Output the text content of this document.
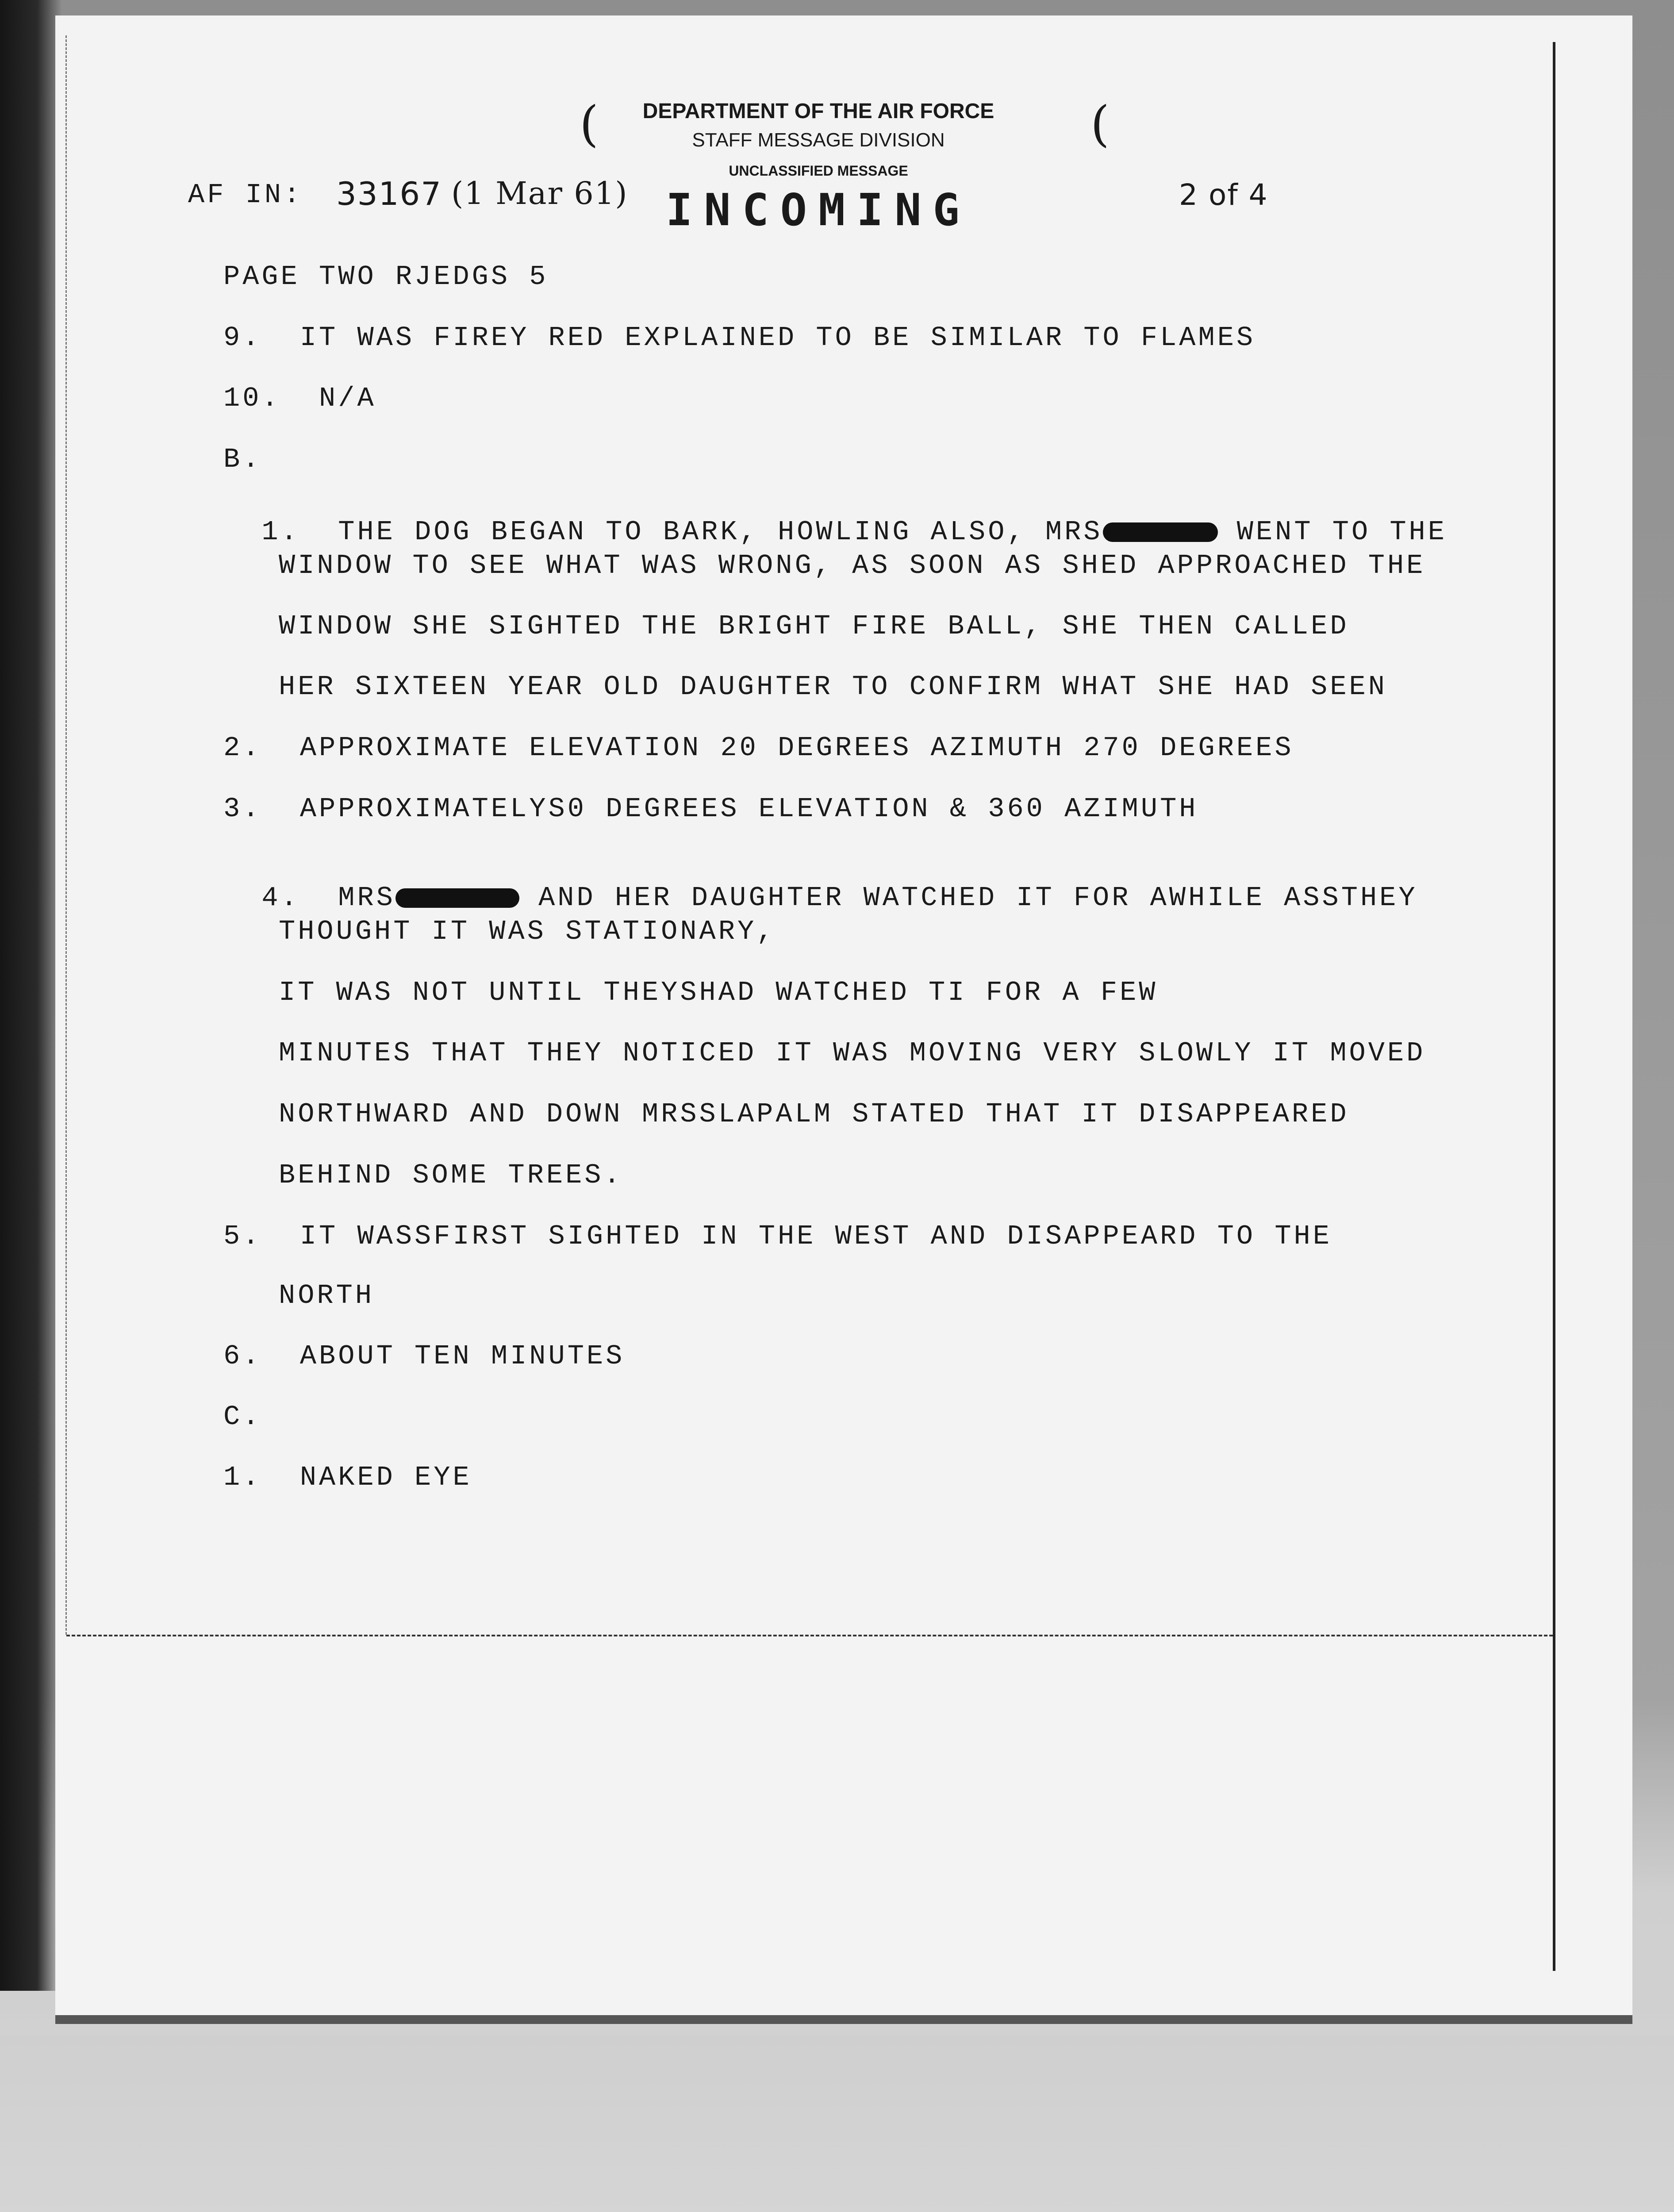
DEPARTMENT OF THE AIR FORCE
STAFF MESSAGE DIVISION
UNCLASSIFIED MESSAGE
INCOMING
(	(
AF IN: 33167 (1 Mar 61)	2 of 4
PAGE TWO RJEDGS 5
9.  IT WAS FIREY RED EXPLAINED TO BE SIMILAR TO FLAMES
10.  N/A
B.

1.  THE DOG BEGAN TO BARK, HOWLING ALSO, MRS	WENT TO THE

WINDOW TO SEE WHAT WAS WRONG, AS SOON AS SHED APPROACHED THE
WINDOW SHE SIGHTED THE BRIGHT FIRE BALL, SHE THEN CALLED
HER SIXTEEN YEAR OLD DAUGHTER TO CONFIRM WHAT SHE HAD SEEN
2.  APPROXIMATE ELEVATION 20 DEGREES AZIMUTH 270 DEGREES
3.  APPROXIMATELYS0 DEGREES ELEVATION & 360 AZIMUTH

4.  MRS	AND HER DAUGHTER WATCHED IT FOR AWHILE ASSTHEY

THOUGHT IT WAS STATIONARY,
IT WAS NOT UNTIL THEYSHAD WATCHED TI FOR A FEW
MINUTES THAT THEY NOTICED IT WAS MOVING VERY SLOWLY IT MOVED
NORTHWARD AND DOWN MRSSLAPALM STATED THAT IT DISAPPEARED
BEHIND SOME TREES.
5.  IT WASSFIRST SIGHTED IN THE WEST AND DISAPPEARD TO THE
NORTH
6.  ABOUT TEN MINUTES
C.
1.  NAKED EYE
